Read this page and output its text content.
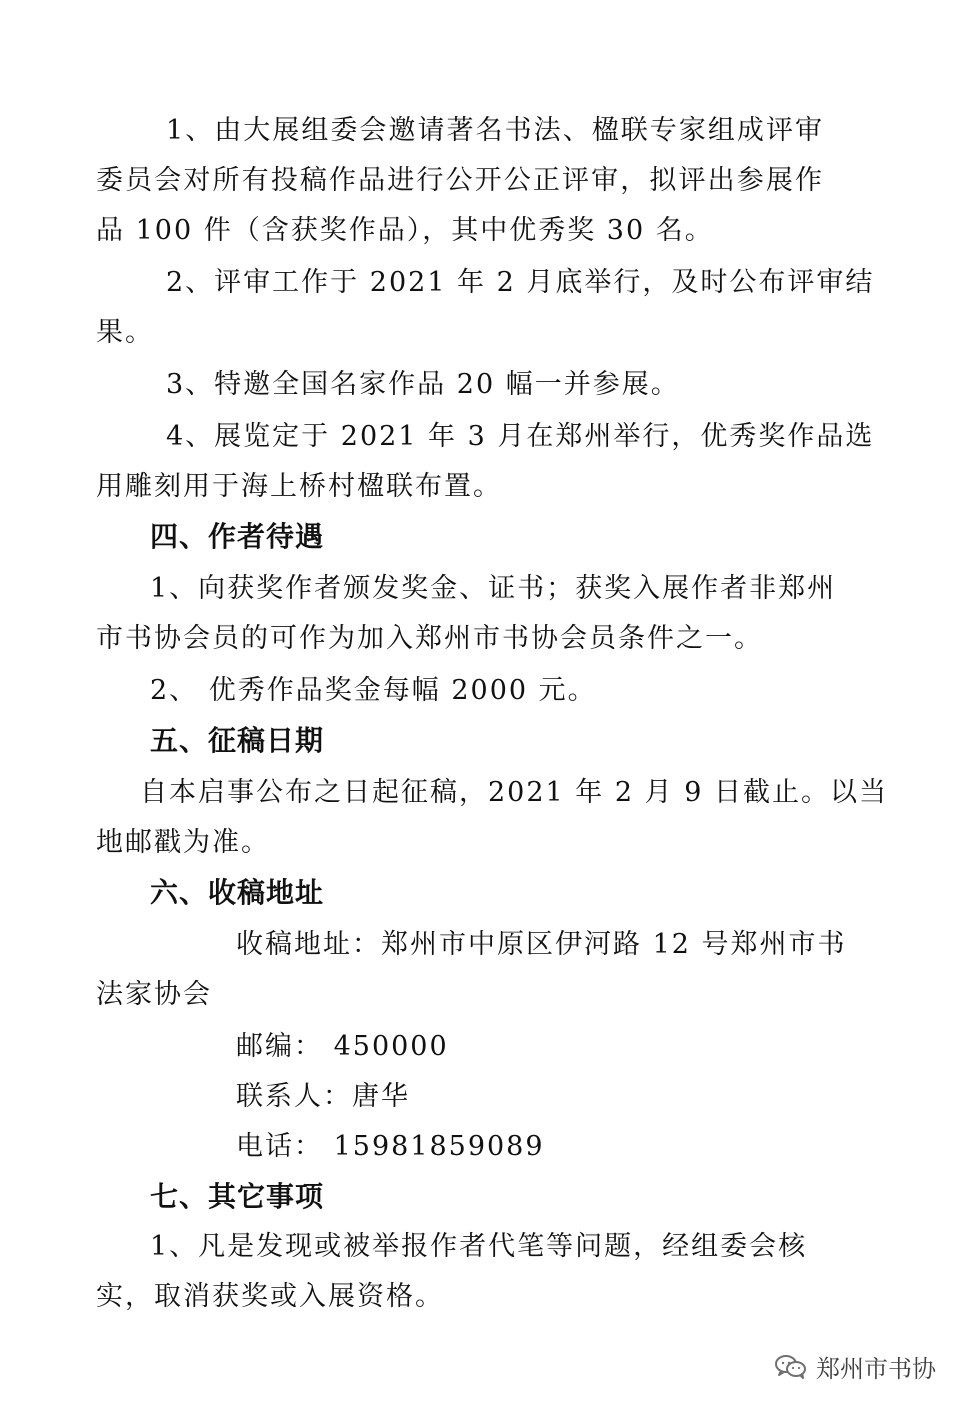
1、由大展组委会邀请著名书法、楹联专家组成评审
委员会对所有投稿作品进行公开公正评审，拟评出参展作
品 100 件（含获奖作品），其中优秀奖 30 名。
2、评审工作于 2021 年 2 月底举行，及时公布评审结
果。
3、特邀全国名家作品 20 幅一并参展。
4、展览定于 2021 年 3 月在郑州举行，优秀奖作品选
用雕刻用于海上桥村楹联布置。
四、作者待遇
1、向获奖作者颁发奖金、证书；获奖入展作者非郑州
市书协会员的可作为加入郑州市书协会员条件之一。
2、 优秀作品奖金每幅 2000 元。
五、征稿日期
自本启事公布之日起征稿，2021 年 2 月 9 日截止。以当
地邮戳为准。
六、收稿地址
收稿地址：郑州市中原区伊河路 12 号郑州市书
法家协会
邮编： 450000
联系人：唐华
电话： 15981859089
七、其它事项
1、凡是发现或被举报作者代笔等问题，经组委会核
实，取消获奖或入展资格。
郑州市书协
